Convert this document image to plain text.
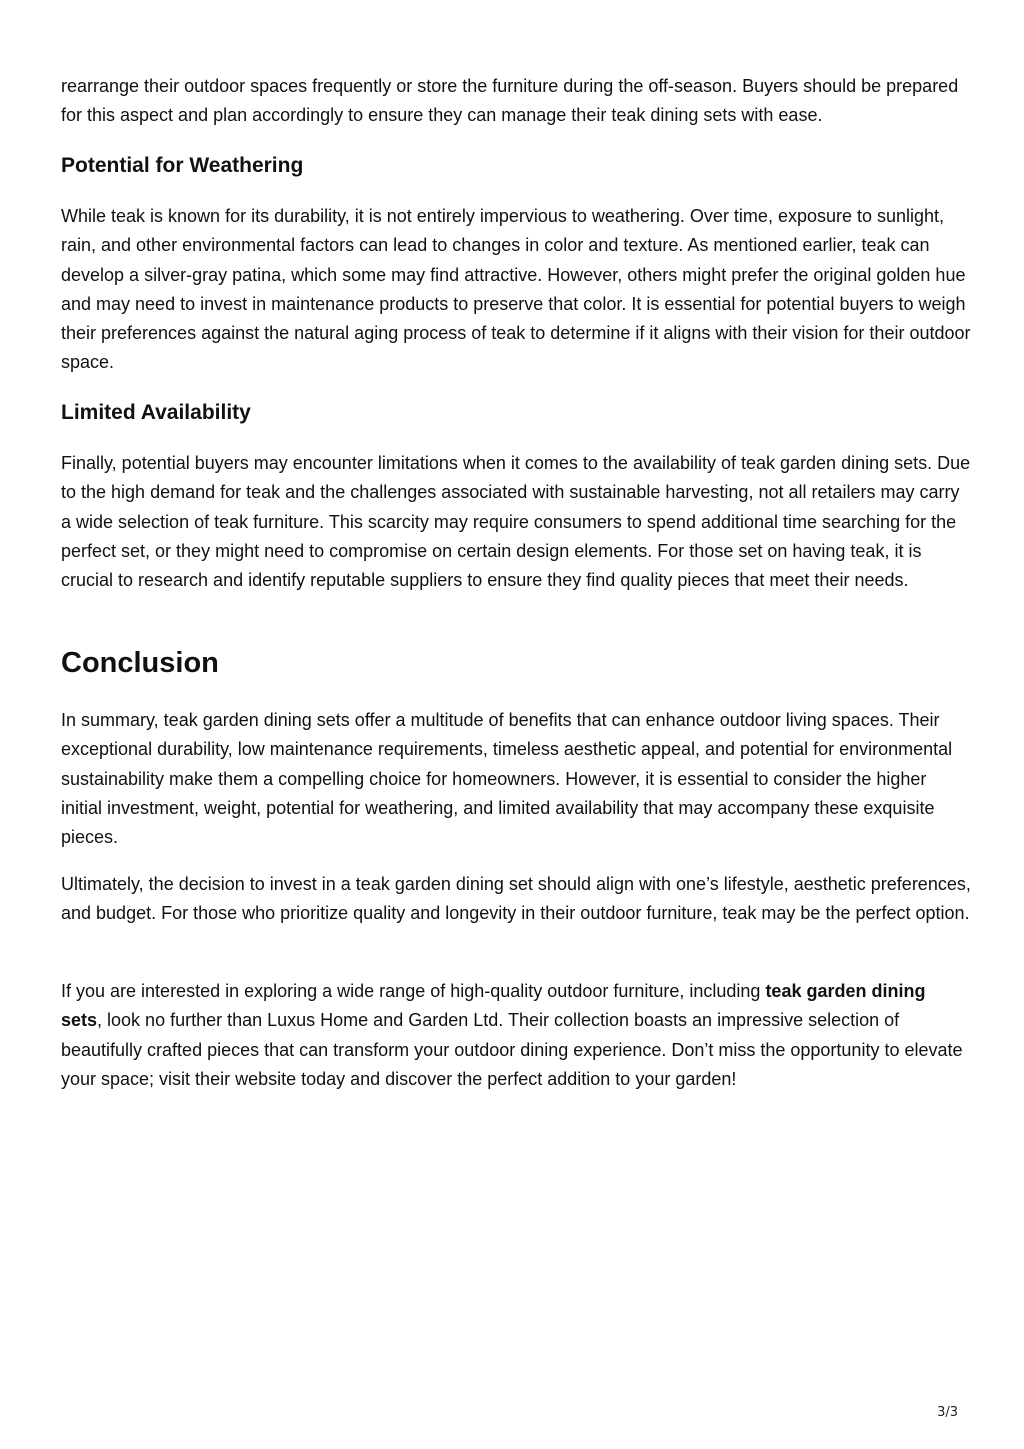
rearrange their outdoor spaces frequently or store the furniture during the off-season. Buyers should be prepared for this aspect and plan accordingly to ensure they can manage their teak dining sets with ease.

Potential for Weathering

While teak is known for its durability, it is not entirely impervious to weathering. Over time, exposure to sunlight, rain, and other environmental factors can lead to changes in color and texture. As mentioned earlier, teak can develop a silver-gray patina, which some may find attractive. However, others might prefer the original golden hue and may need to invest in maintenance products to preserve that color. It is essential for potential buyers to weigh their preferences against the natural aging process of teak to determine if it aligns with their vision for their outdoor space.

Limited Availability

Finally, potential buyers may encounter limitations when it comes to the availability of teak garden dining sets. Due to the high demand for teak and the challenges associated with sustainable harvesting, not all retailers may carry a wide selection of teak furniture. This scarcity may require consumers to spend additional time searching for the perfect set, or they might need to compromise on certain design elements. For those set on having teak, it is crucial to research and identify reputable suppliers to ensure they find quality pieces that meet their needs.

Conclusion

In summary, teak garden dining sets offer a multitude of benefits that can enhance outdoor living spaces. Their exceptional durability, low maintenance requirements, timeless aesthetic appeal, and potential for environmental sustainability make them a compelling choice for homeowners. However, it is essential to consider the higher initial investment, weight, potential for weathering, and limited availability that may accompany these exquisite pieces.

Ultimately, the decision to invest in a teak garden dining set should align with one’s lifestyle, aesthetic preferences, and budget. For those who prioritize quality and longevity in their outdoor furniture, teak may be the perfect option.

If you are interested in exploring a wide range of high-quality outdoor furniture, including teak garden dining sets, look no further than Luxus Home and Garden Ltd. Their collection boasts an impressive selection of beautifully crafted pieces that can transform your outdoor dining experience. Don’t miss the opportunity to elevate your space; visit their website today and discover the perfect addition to your garden!

3/3
